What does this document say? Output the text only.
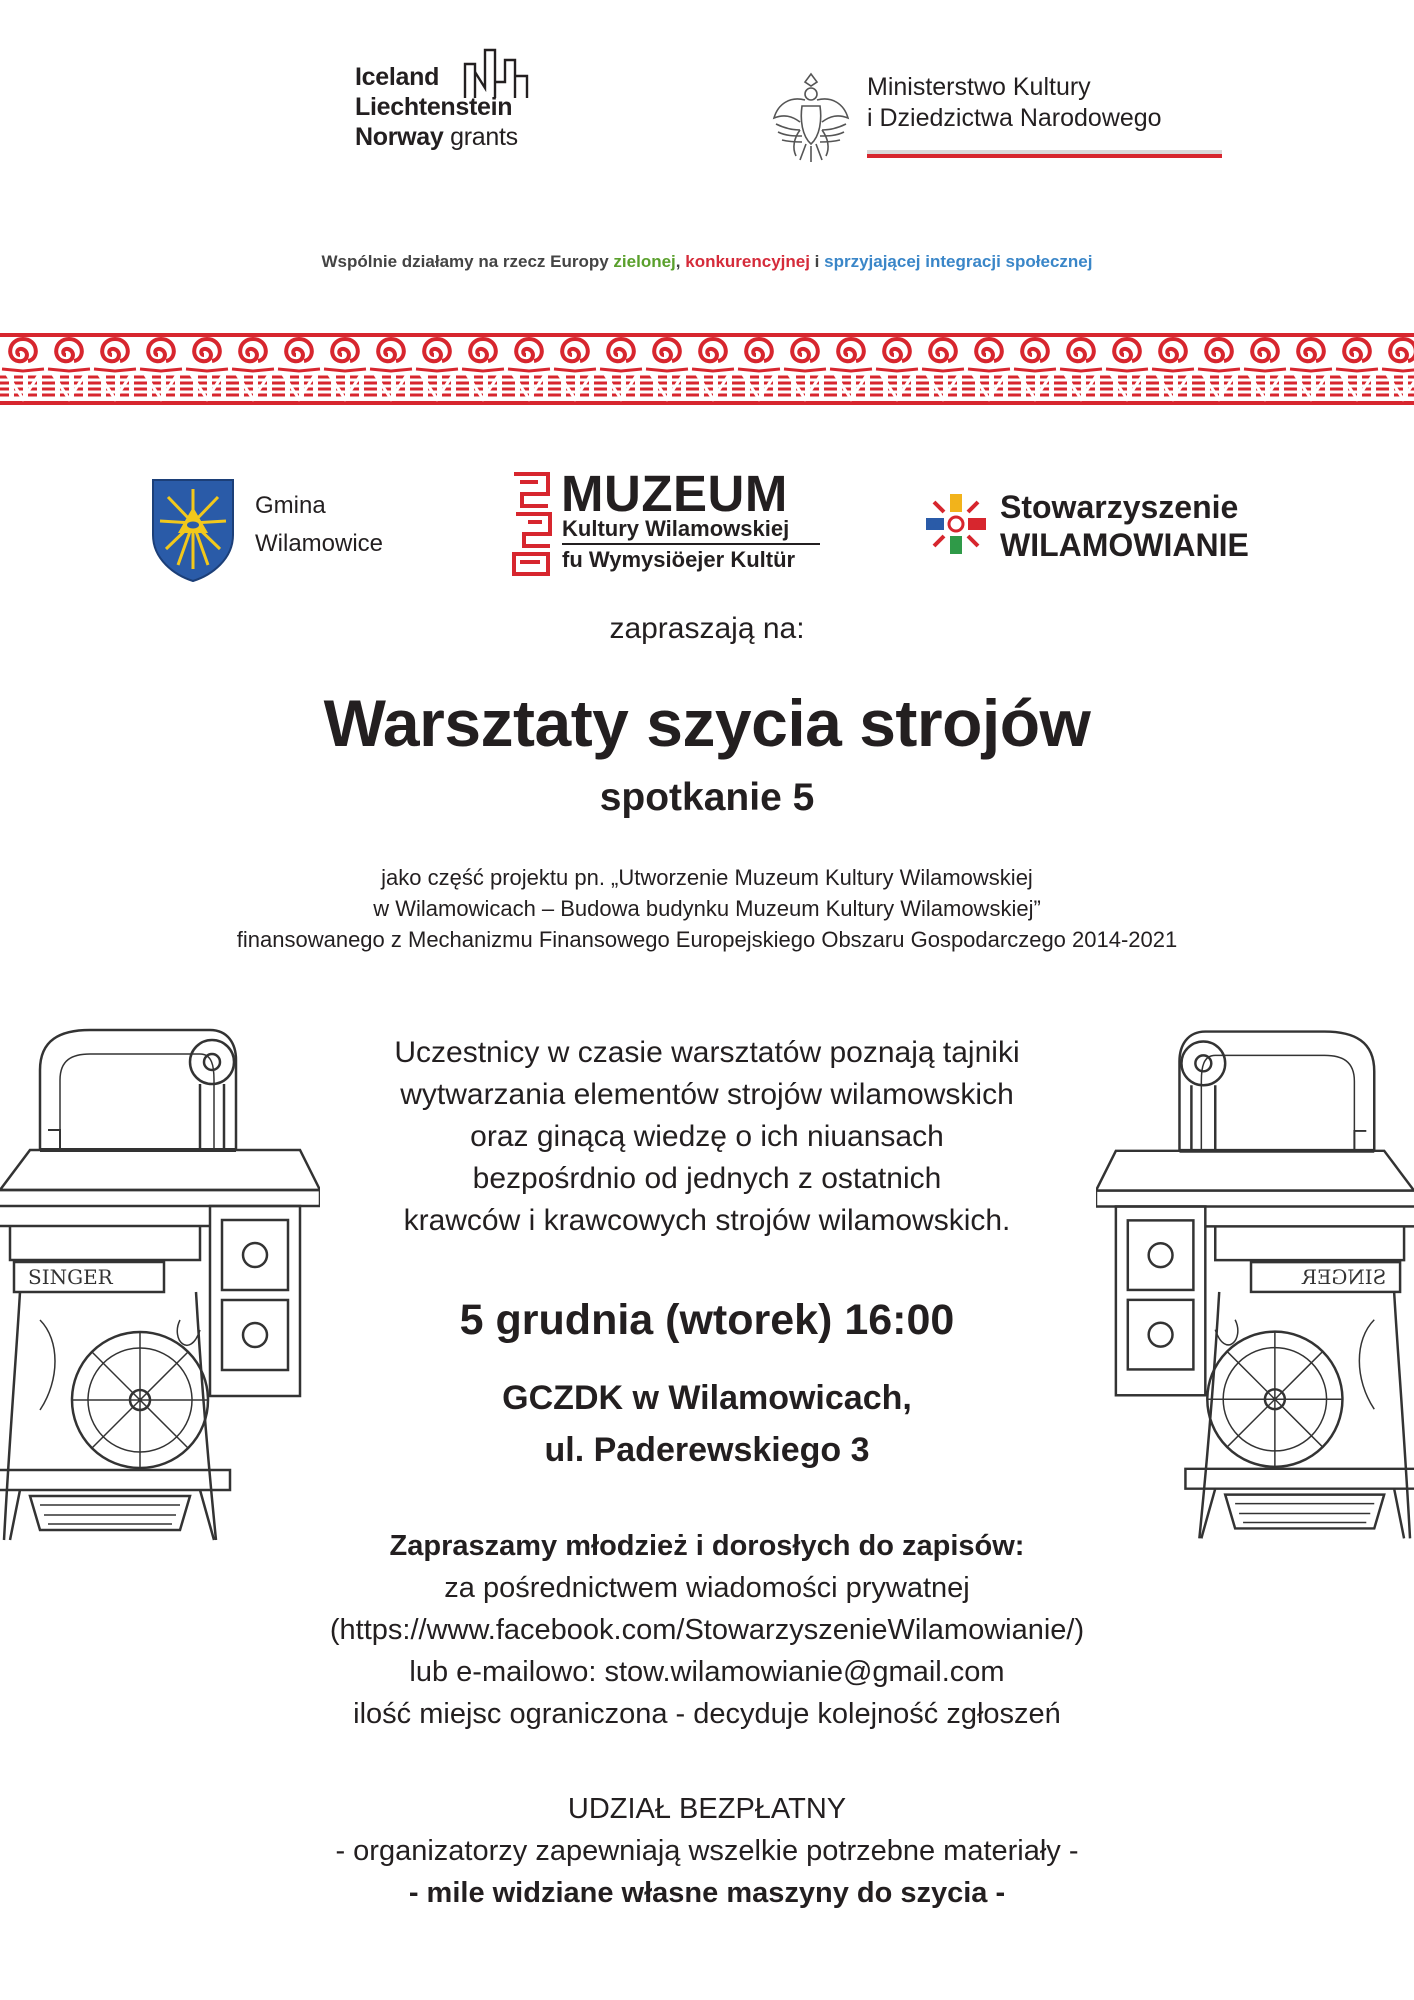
Iceland
Liechtenstein
Norway grants
Ministerstwo Kultury
i Dziedzictwa Narodowego
Wspólnie działamy na rzecz Europy zielonej, konkurencyjnej i sprzyjającej integracji społecznej
Gmina
Wilamowice
MUZEUM
Kultury Wilamowskiej
fu Wymysiöejer Kultür
Stowarzyszenie
WILAMOWIANIE
zapraszają na:
Warsztaty szycia strojów
spotkanie 5
jako część projektu pn. „Utworzenie Muzeum Kultury Wilamowskiej
w Wilamowicach – Budowa budynku Muzeum Kultury Wilamowskiej”
finansowanego z Mechanizmu Finansowego Europejskiego Obszaru Gospodarczego 2014-2021
SINGER	SINGER
Uczestnicy w czasie warsztatów poznają tajniki
wytwarzania elementów strojów wilamowskich
oraz ginącą wiedzę o ich niuansach
bezpośrdnio od jednych z ostatnich
krawców i krawcowych strojów wilamowskich.
5 grudnia (wtorek) 16:00
GCZDK w Wilamowicach,
ul. Paderewskiego 3
Zapraszamy młodzież i dorosłych do zapisów:
za pośrednictwem wiadomości prywatnej
(https://www.facebook.com/StowarzyszenieWilamowianie/)
lub e-mailowo: stow.wilamowianie@gmail.com
ilość miejsc ograniczona - decyduje kolejność zgłoszeń
UDZIAŁ BEZPŁATNY
- organizatorzy zapewniają wszelkie potrzebne materiały -
- mile widziane własne maszyny do szycia -
